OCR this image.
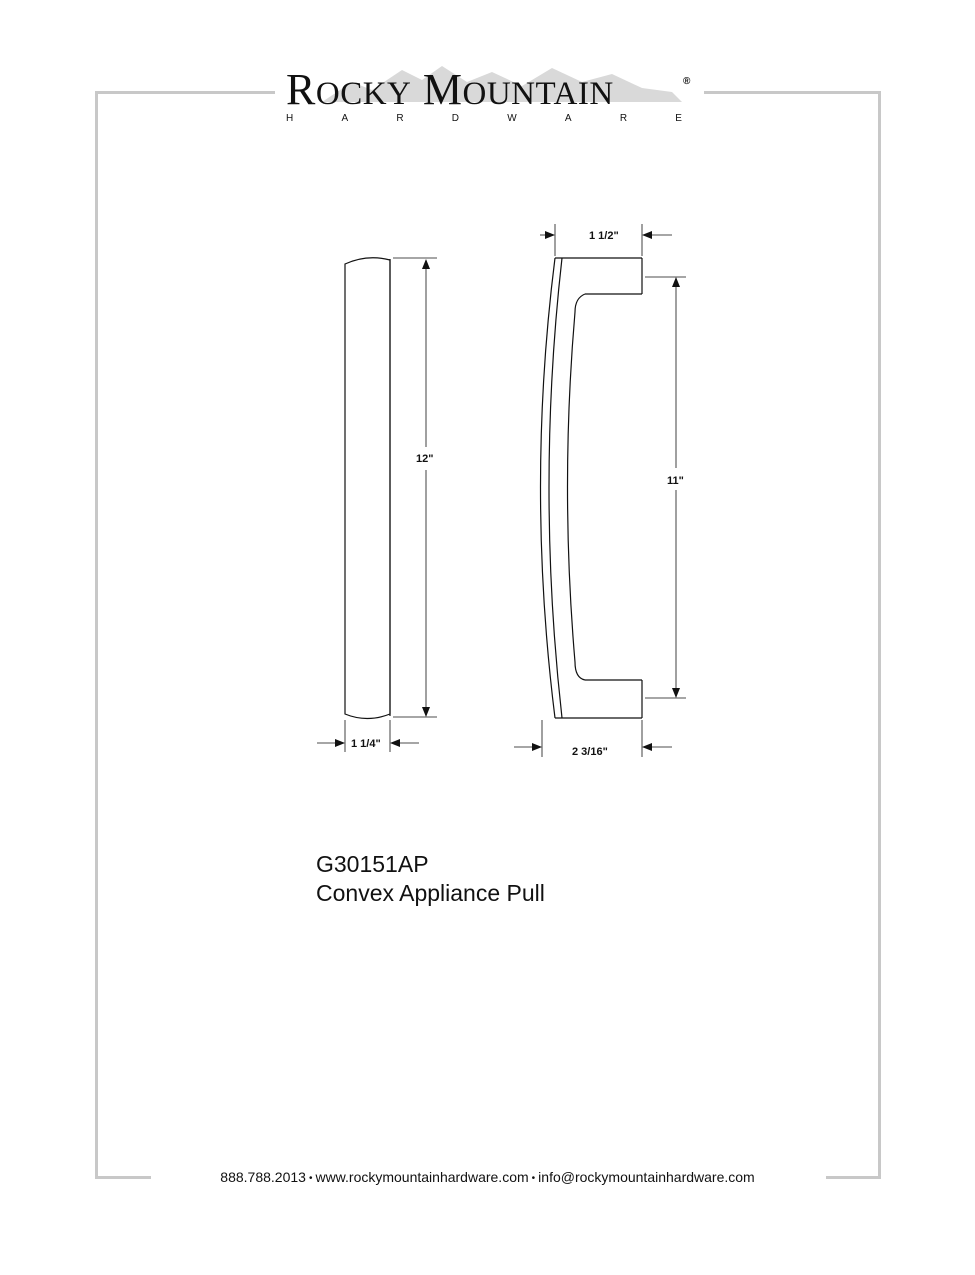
ROCKY MOUNTAIN	®
H	A	R	D	W	A	R	E
12"
1 1/4"
1 1/2"
11"
2 3/16"
G30151AP
Convex Appliance Pull
888.788.2013 • www.rockymountainhardware.com • info@rockymountainhardware.com
